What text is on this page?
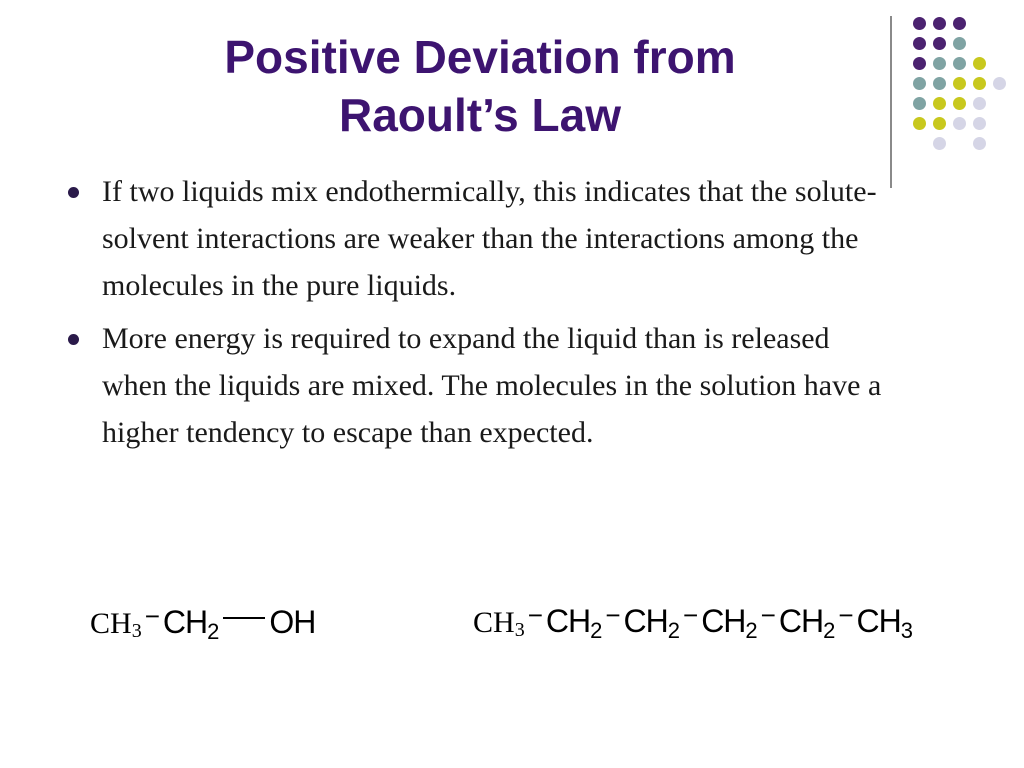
Positive Deviation from
Raoult’s Law
If two liquids mix endothermically, this indicates that the solute-solvent interactions are weaker than the interactions among the molecules in the pure liquids.
More energy is required to expand the liquid than is released when the liquids are mixed. The molecules in the solution have a higher tendency to escape than expected.
$CH_3 - CH_2$ OH	$CH_3 - CH_2$
− $CH_2$
− $CH_2$
− $CH_2$
− $CH_3$
